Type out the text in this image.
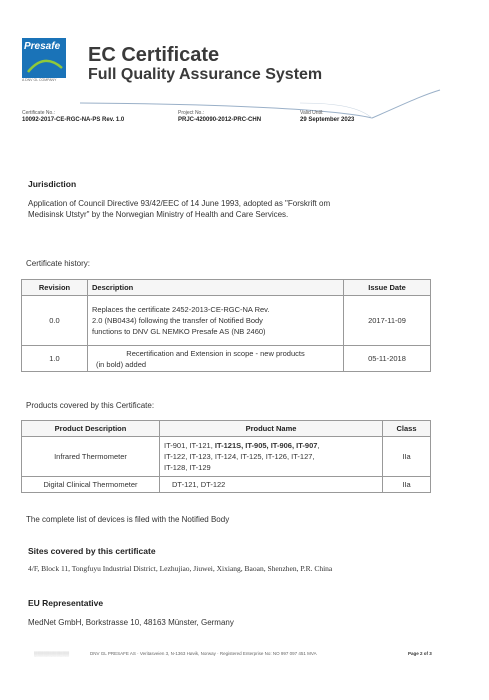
Presafe
A DNV GL COMPANY
EC Certificate
Full Quality Assurance System
Certificate No.:
10092-2017-CE-RGC-NA-PS Rev. 1.0
Project No.:
PRJC-420090-2012-PRC-CHN
Valid Until:
29 September 2023
Jurisdiction
Application of Council Directive 93/42/EEC of 14 June 1993, adopted as "Forskrift om
Medisinsk Utstyr" by the Norwegian Ministry of Health and Care Services.
Certificate history:
Revision	Description	Issue Date
0.0	Replaces the certificate 2452-2013-CE-RGC-NA Rev.
2.0 (NB0434) following the transfer of Notified Body
functions to DNV GL NEMKO Presafe AS (NB 2460)	2017-11-09
1.0	Recertification and Extension in scope - new products
(in bold) added	05-11-2018
Products covered by this Certificate:
Product Description	Product Name	Class
Infrared Thermometer	IT-901, IT-121, IT-121S, IT-905, IT-906, IT-907,
IT-122, IT-123, IT-124, IT-125, IT-126, IT-127,
IT-128, IT-129	IIa
Digital Clinical Thermometer	DT-121, DT-122	IIa
The complete list of devices is filed with the Notified Body
Sites covered by this certificate
4/F, Block 11, Tongfuyu Industrial District, Lezhujiao, Jiuwei, Xixiang, Baoan, Shenzhen, P.R. China
EU Representative
MedNet GmbH, Borkstrasse 10, 48163 Münster, Germany
▒▒▒▒▒▒▒▒▒▒▒	DNV GL PRESAFE AS · Veritasveien 3, N-1363 Høvik, Norway · Registered Enterprise No: NO 997 097 451 MVA	Page 2 of 3
